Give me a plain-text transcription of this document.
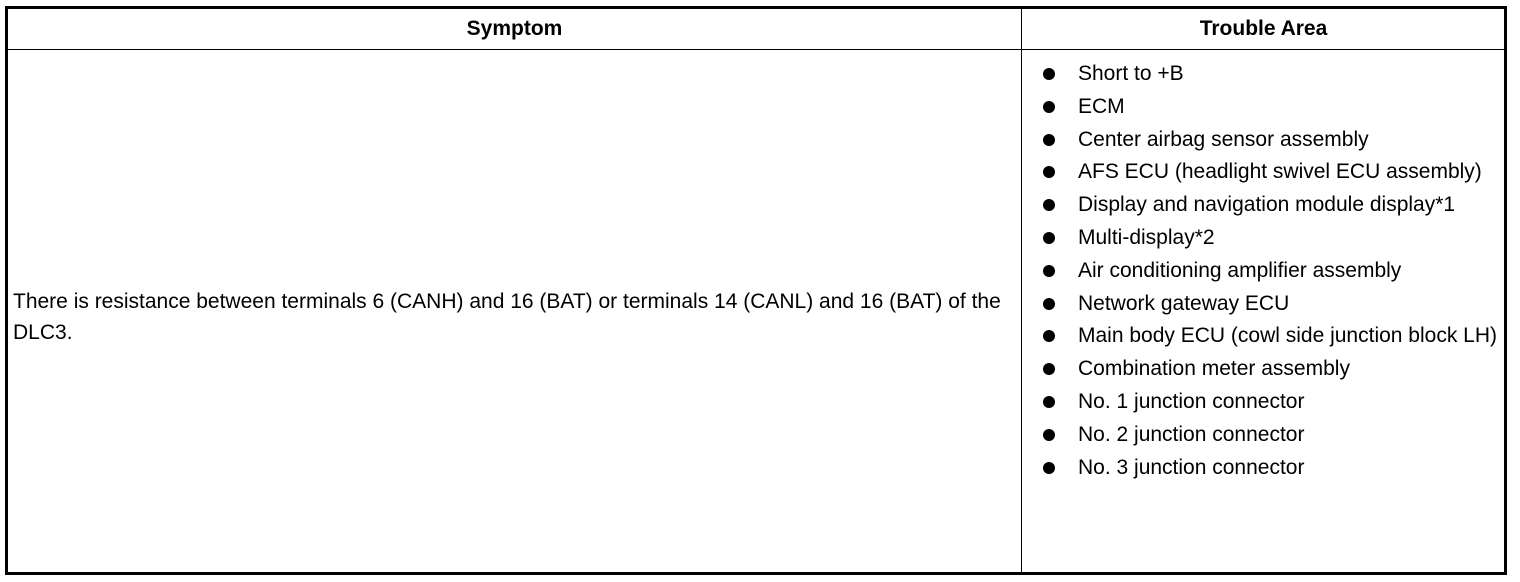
Symptom	Trouble Area
There is resistance between terminals 6 (CANH) and 16 (BAT) or terminals 14 (CANL) and 16 (BAT) of the DLC3.
Short to +B
ECM
Center airbag sensor assembly
AFS ECU (headlight swivel ECU assembly)
Display and navigation module display*1
Multi-display*2
Air conditioning amplifier assembly
Network gateway ECU
Main body ECU (cowl side junction block LH)
Combination meter assembly
No. 1 junction connector
No. 2 junction connector
No. 3 junction connector
